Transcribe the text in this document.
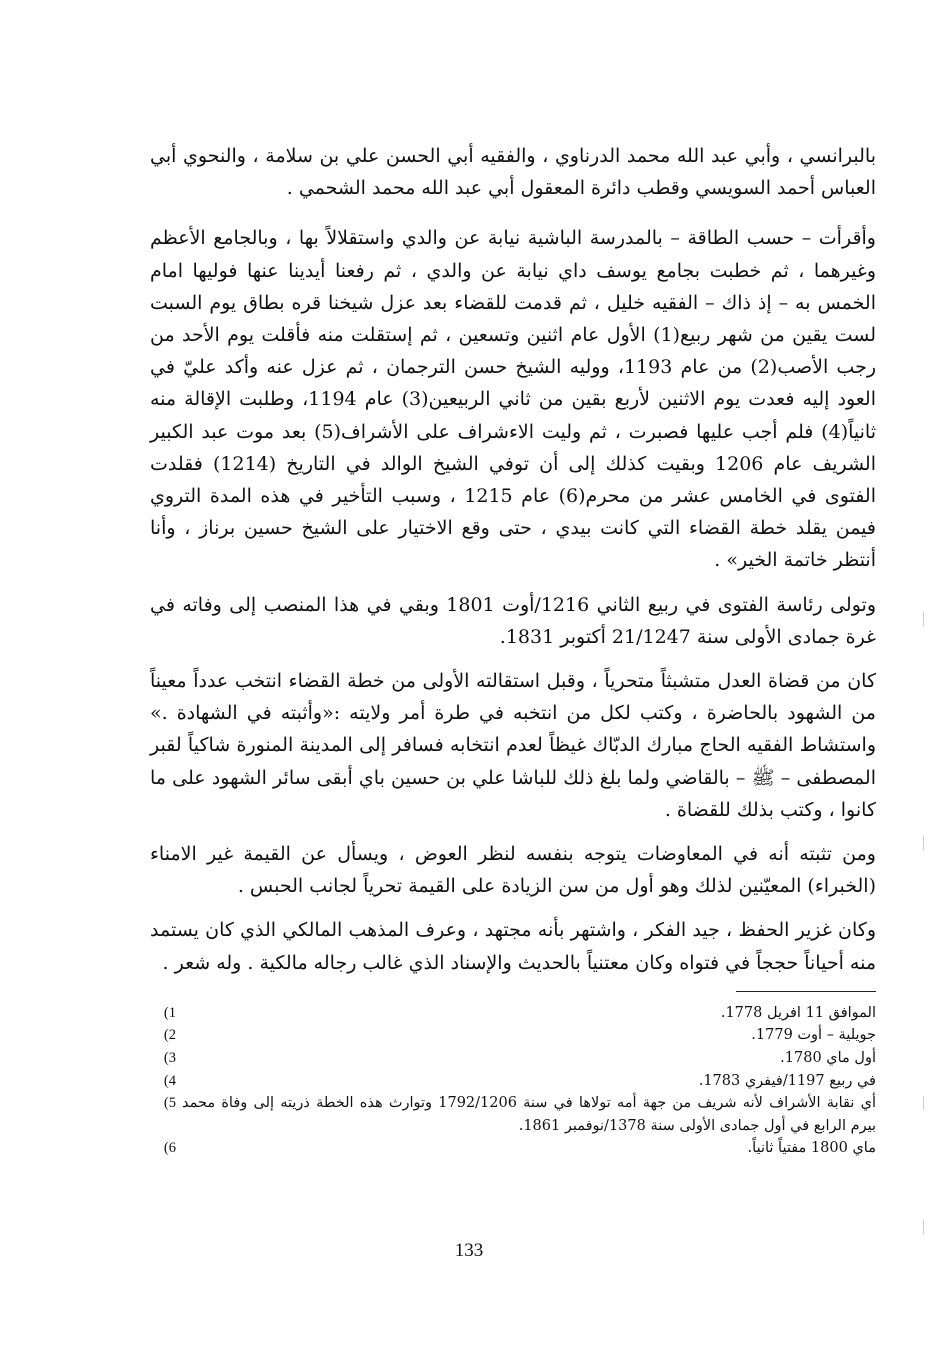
بالبرانسي ، وأبي عبد الله محمد الدرناوي ، والفقيه أبي الحسن علي بن سلامة ، والنحوي أبي العباس أحمد السويسي وقطب دائرة المعقول أبي عبد الله محمد الشحمي .

وأقرأت – حسب الطاقة – بالمدرسة الباشية نيابة عن والدي واستقلالاً بها ، وبالجامع الأعظم وغيرهما ، ثم خطبت بجامع يوسف داي نيابة عن والدي ، ثم رفعنا أيدينا عنها فوليها امام الخمس به – إذ ذاك – الفقيه خليل ، ثم قدمت للقضاء بعد عزل شيخنا قره بطاق يوم السبت لست يقين من شهر ربيع(1) الأول عام اثنين وتسعين ، ثم إستقلت منه فأقلت يوم الأحد من رجب الأصب(2) من عام 1193، ووليه الشيخ حسن الترجمان ، ثم عزل عنه وأكد عليّ في العود إليه فعدت يوم الاثنين لأربع بقين من ثاني الربيعين(3) عام 1194، وطلبت الإقالة منه ثانياً(4) فلم أجب عليها فصبرت ، ثم وليت الاءشراف على الأشراف(5) بعد موت عبد الكبير الشريف عام 1206 وبقيت كذلك إلى أن توفي الشيخ الوالد في التاريخ (1214) فقلدت الفتوى في الخامس عشر من محرم(6) عام 1215 ، وسبب التأخير في هذه المدة التروي فيمن يقلد خطة القضاء التي كانت بيدي ، حتى وقع الاختيار على الشيخ حسين برناز ، وأنا أنتظر خاتمة الخير» .

وتولى رئاسة الفتوى في ربيع الثاني 1216/أوت 1801 وبقي في هذا المنصب إلى وفاته في غرة جمادى الأولى سنة 21/1247 أكتوبر 1831.

كان من قضاة العدل متشبثاً متحرياً ، وقبل استقالته الأولى من خطة القضاء انتخب عدداً معيناً من الشهود بالحاضرة ، وكتب لكل من انتخبه في طرة أمر ولايته :«وأثبته في الشهادة .» واستشاط الفقيه الحاج مبارك الدبّاك غيظاً لعدم انتخابه فسافر إلى المدينة المنورة شاكياً لقبر المصطفى – ﷺ – بالقاضي ولما بلغ ذلك للباشا علي بن حسين باي أبقى سائر الشهود على ما كانوا ، وكتب بذلك للقضاة .

ومن تثبته أنه في المعاوضات يتوجه بنفسه لنظر العوض ، ويسأل عن القيمة غير الامناء (الخبراء) المعيّنين لذلك وهو أول من سن الزيادة على القيمة تحرياً لجانب الحبس .

وكان غزير الحفظ ، جيد الفكر ، واشتهر بأنه مجتهد ، وعرف المذهب المالكي الذي كان يستمد منه أحياناً حججاً في فتواه وكان معتنياً بالحديث والإسناد الذي غالب رجاله مالكية . وله شعر .

الموافق 11 افريل 1778.
1)
جويلية – أوت 1779.
2)
أول ماي 1780.
3)
في ربيع 1197/فيفري 1783.
4)
أي نقابة الأشراف لأنه شريف من جهة أمه تولاها في سنة 1792/1206 وتوارث هذه الخطة ذريته إلى وفاة محمد بيرم الرابع في أول جمادى الأولى سنة 1378/نوفمبر 1861.
5)
ماي 1800 مفتياً ثانياً.
6)
133
